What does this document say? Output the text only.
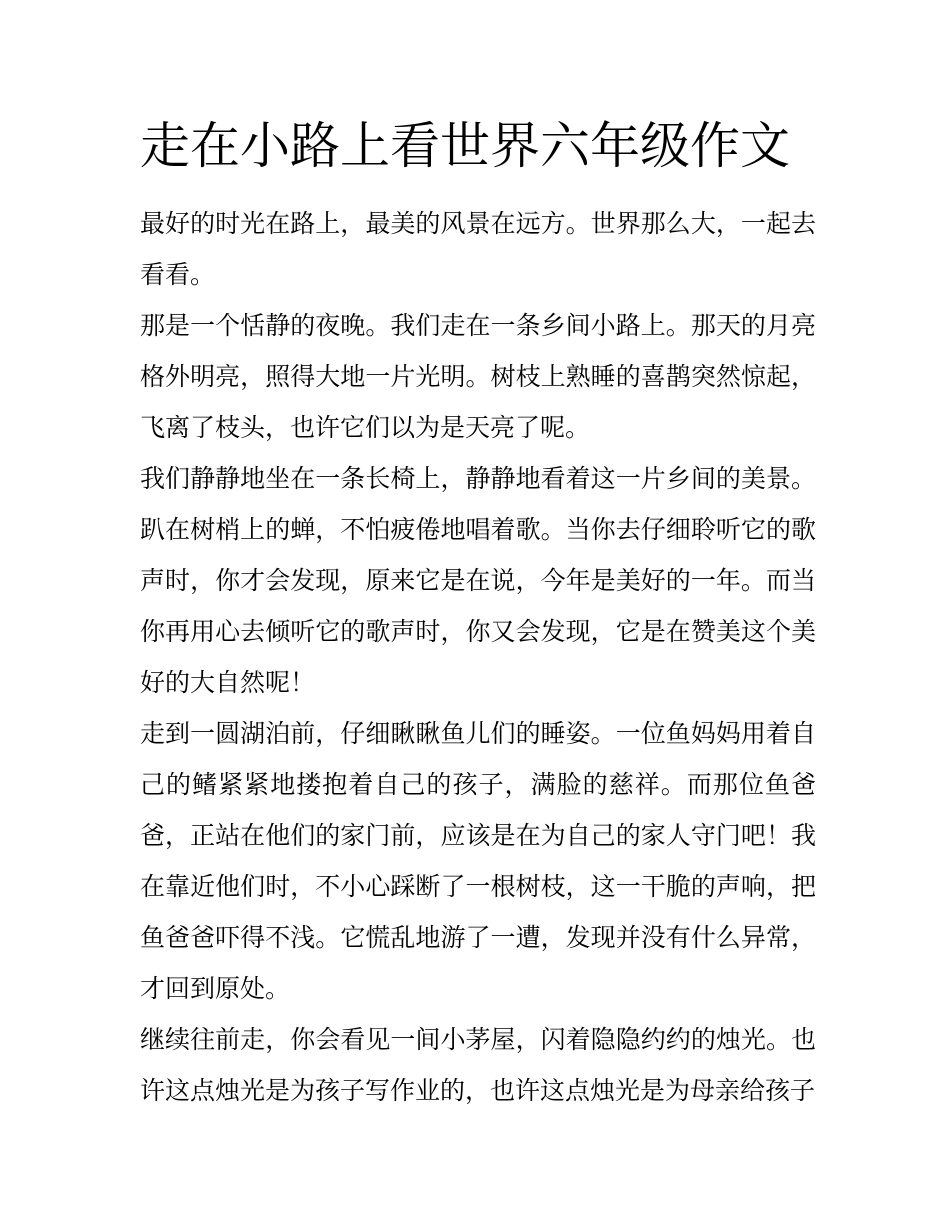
走在小路上看世界六年级作文

最好的时光在路上，最美的风景在远方。世界那么大，一起去看看。

那是一个恬静的夜晚。我们走在一条乡间小路上。那天的月亮格外明亮，照得大地一片光明。树枝上熟睡的喜鹊突然惊起，飞离了枝头，也许它们以为是天亮了呢。

我们静静地坐在一条长椅上，静静地看着这一片乡间的美景。趴在树梢上的蝉，不怕疲倦地唱着歌。当你去仔细聆听它的歌声时，你才会发现，原来它是在说，今年是美好的一年。而当你再用心去倾听它的歌声时，你又会发现，它是在赞美这个美好的大自然呢！

走到一圆湖泊前，仔细瞅瞅鱼儿们的睡姿。一位鱼妈妈用着自己的鳍紧紧地搂抱着自己的孩子，满脸的慈祥。而那位鱼爸爸，正站在他们的家门前，应该是在为自己的家人守门吧！我在靠近他们时，不小心踩断了一根树枝，这一干脆的声响，把鱼爸爸吓得不浅。它慌乱地游了一遭，发现并没有什么异常，才回到原处。

继续往前走，你会看见一间小茅屋，闪着隐隐约约的烛光。也许这点烛光是为孩子写作业的，也许这点烛光是为母亲给孩子
